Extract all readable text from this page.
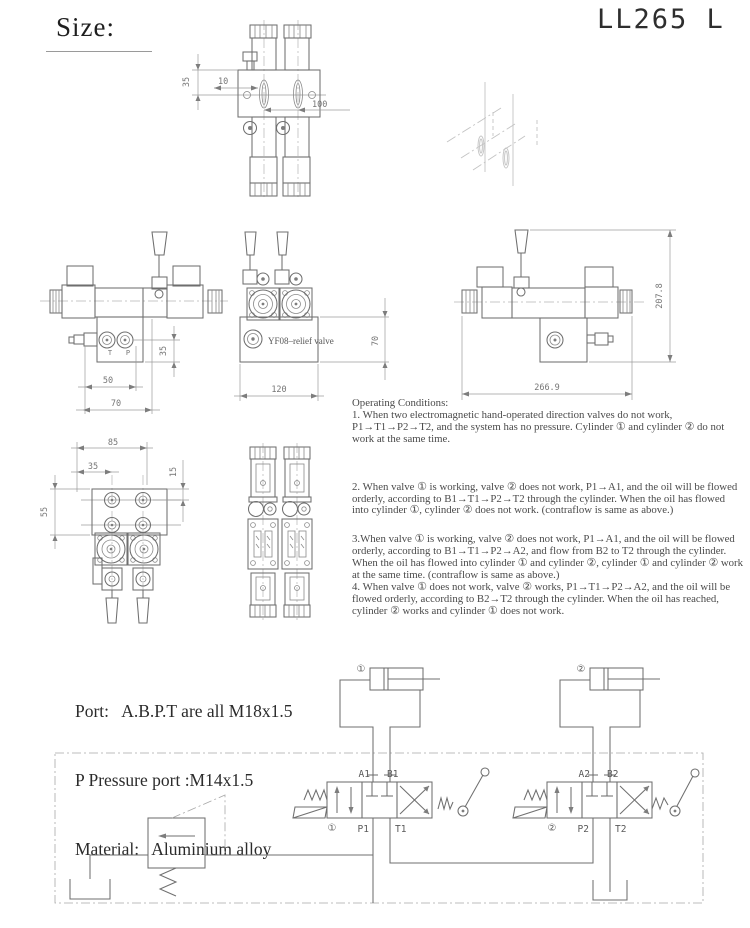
Size:	LL265 L
35	10
100
T P	35
50
70
YF08–relief valve
120
70
207.8
266.9
85
35	15
55

Operating Conditions:

1. When two electromagnetic hand-operated direction valves do not work, P1→T1→P2→T2, and the system has no pressure. Cylinder ① and cylinder ② do not work at the same time.

2. When valve ① is working, valve ② does not work, P1→A1, and the oil will be flowed orderly, according to B1→T1→P2→T2 through the cylinder. When the oil has flowed into cylinder ①, cylinder ② does not work. (contraflow is same as above.)

3.When valve ① is working, valve ② does not work, P1→A1, and the oil will be flowed orderly, according to B1→T1→P2→A2, and flow from B2 to T2 through the cylinder. When the oil has flowed into cylinder ① and cylinder ②, cylinder ① and cylinder ② work at the same time. (contraflow is same as above.)

4. When valve ① does not work, valve ② works, P1→T1→P2→A2, and the oil will be flowed orderly, according to B2→T2 through the cylinder. When the oil has reached, cylinder ② works and cylinder ① does not work.

Port:   A.B.P.T are all M18x1.5

P Pressure port :M14x1.5

Material:   Aluminium alloy

①
①
A1 B1
P1	T1
②
②
A2 B2
P2	T2
